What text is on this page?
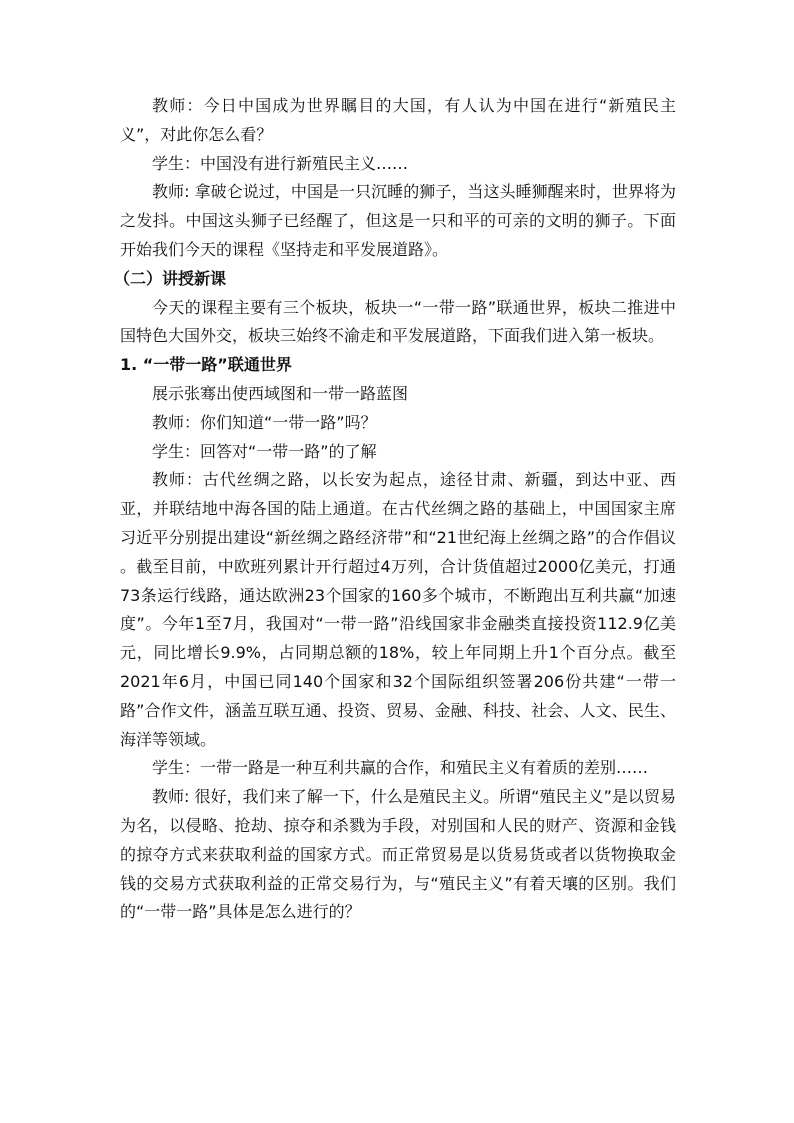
教师：今日中国成为世界瞩目的大国，有人认为中国在进行“新殖民主义”，对此你怎么看？

学生：中国没有进行新殖民主义……

教师: 拿破仑说过，中国是一只沉睡的狮子，当这头睡狮醒来时，世界将为之发抖。中国这头狮子已经醒了，但这是一只和平的可亲的文明的狮子。下面开始我们今天的课程《坚持走和平发展道路》。

（二）讲授新课

今天的课程主要有三个板块，板块一“一带一路”联通世界，板块二推进中国特色大国外交，板块三始终不渝走和平发展道路，下面我们进入第一板块。

1. “一带一路”联通世界

展示张骞出使西域图和一带一路蓝图

教师：你们知道“一带一路”吗？

学生：回答对“一带一路”的了解

教师：古代丝绸之路，以长安为起点，途径甘肃、新疆，到达中亚、西亚，并联结地中海各国的陆上通道。在古代丝绸之路的基础上，中国国家主席习近平分别提出建设“新丝绸之路经济带”和“21世纪海上丝绸之路”的合作倡议 。截至目前，中欧班列累计开行超过4万列，合计货值超过2000亿美元，打通73条运行线路，通达欧洲23个国家的160多个城市，不断跑出互利共赢“加速度”。今年1至7月，我国对“一带一路”沿线国家非金融类直接投资112.9亿美元，同比增长9.9%，占同期总额的18%，较上年同期上升1个百分点。截至2021年6月，中国已同140个国家和32个国际组织签署206份共建“一带一路”合作文件，涵盖互联互通、投资、贸易、金融、科技、社会、人文、民生、海洋等领域。

学生：一带一路是一种互利共赢的合作，和殖民主义有着质的差别……

教师: 很好，我们来了解一下，什么是殖民主义。所谓“殖民主义”是以贸易为名，以侵略、抢劫、掠夺和杀戮为手段，对别国和人民的财产、资源和金钱的掠夺方式来获取利益的国家方式。而正常贸易是以货易货或者以货物换取金钱的交易方式获取利益的正常交易行为，与“殖民主义”有着天壤的区别。我们的“一带一路”具体是怎么进行的？
